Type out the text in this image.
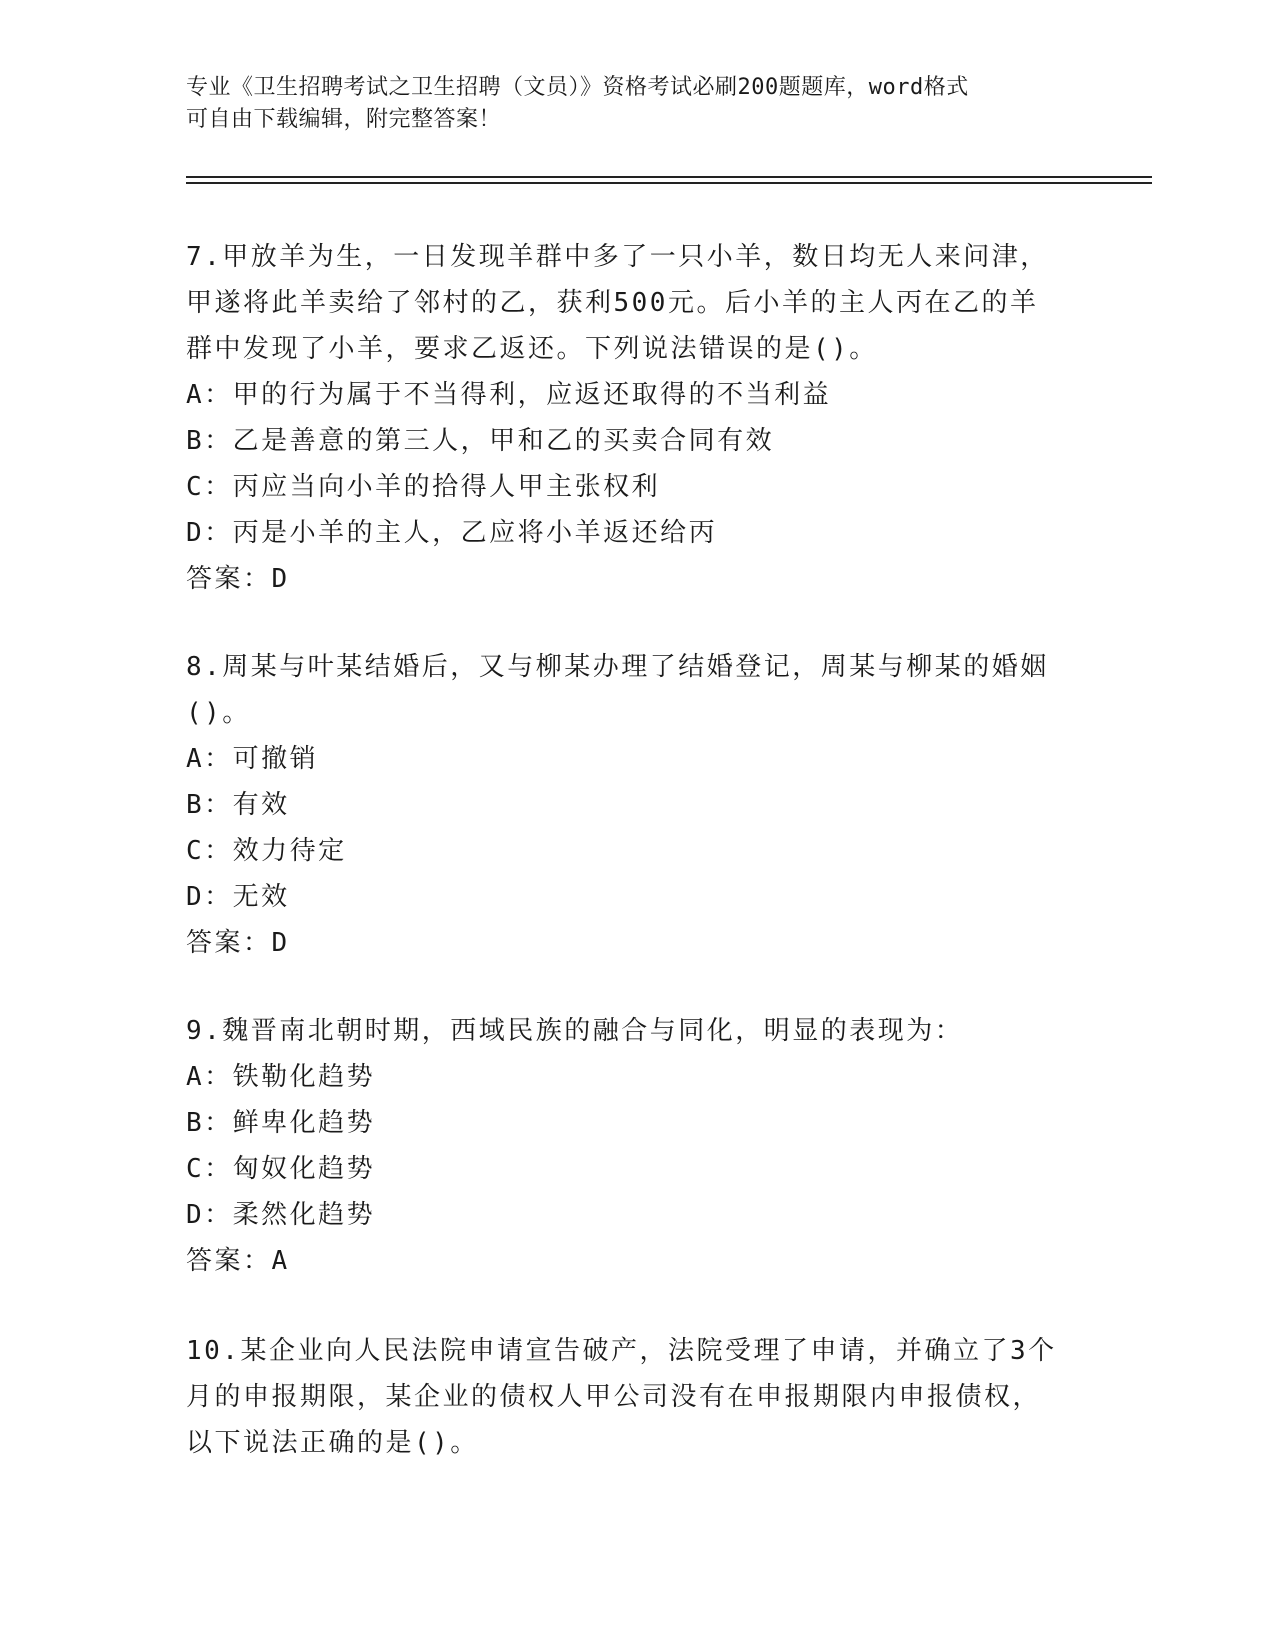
专业《卫生招聘考试之卫生招聘（文员）》资格考试必刷200题题库，word格式
可自由下载编辑，附完整答案！
7.甲放羊为生，一日发现羊群中多了一只小羊，数日均无人来问津，
甲遂将此羊卖给了邻村的乙，获利500元。后小羊的主人丙在乙的羊
群中发现了小羊，要求乙返还。下列说法错误的是()。
A：甲的行为属于不当得利，应返还取得的不当利益
B：乙是善意的第三人，甲和乙的买卖合同有效
C：丙应当向小羊的拾得人甲主张权利
D：丙是小羊的主人，乙应将小羊返还给丙
答案：D
8.周某与叶某结婚后，又与柳某办理了结婚登记，周某与柳某的婚姻
()。
A：可撤销
B：有效
C：效力待定
D：无效
答案：D
9.魏晋南北朝时期，西域民族的融合与同化，明显的表现为：
A：铁勒化趋势
B：鲜卑化趋势
C：匈奴化趋势
D：柔然化趋势
答案：A
10.某企业向人民法院申请宣告破产，法院受理了申请，并确立了3个
月的申报期限，某企业的债权人甲公司没有在申报期限内申报债权，
以下说法正确的是()。
